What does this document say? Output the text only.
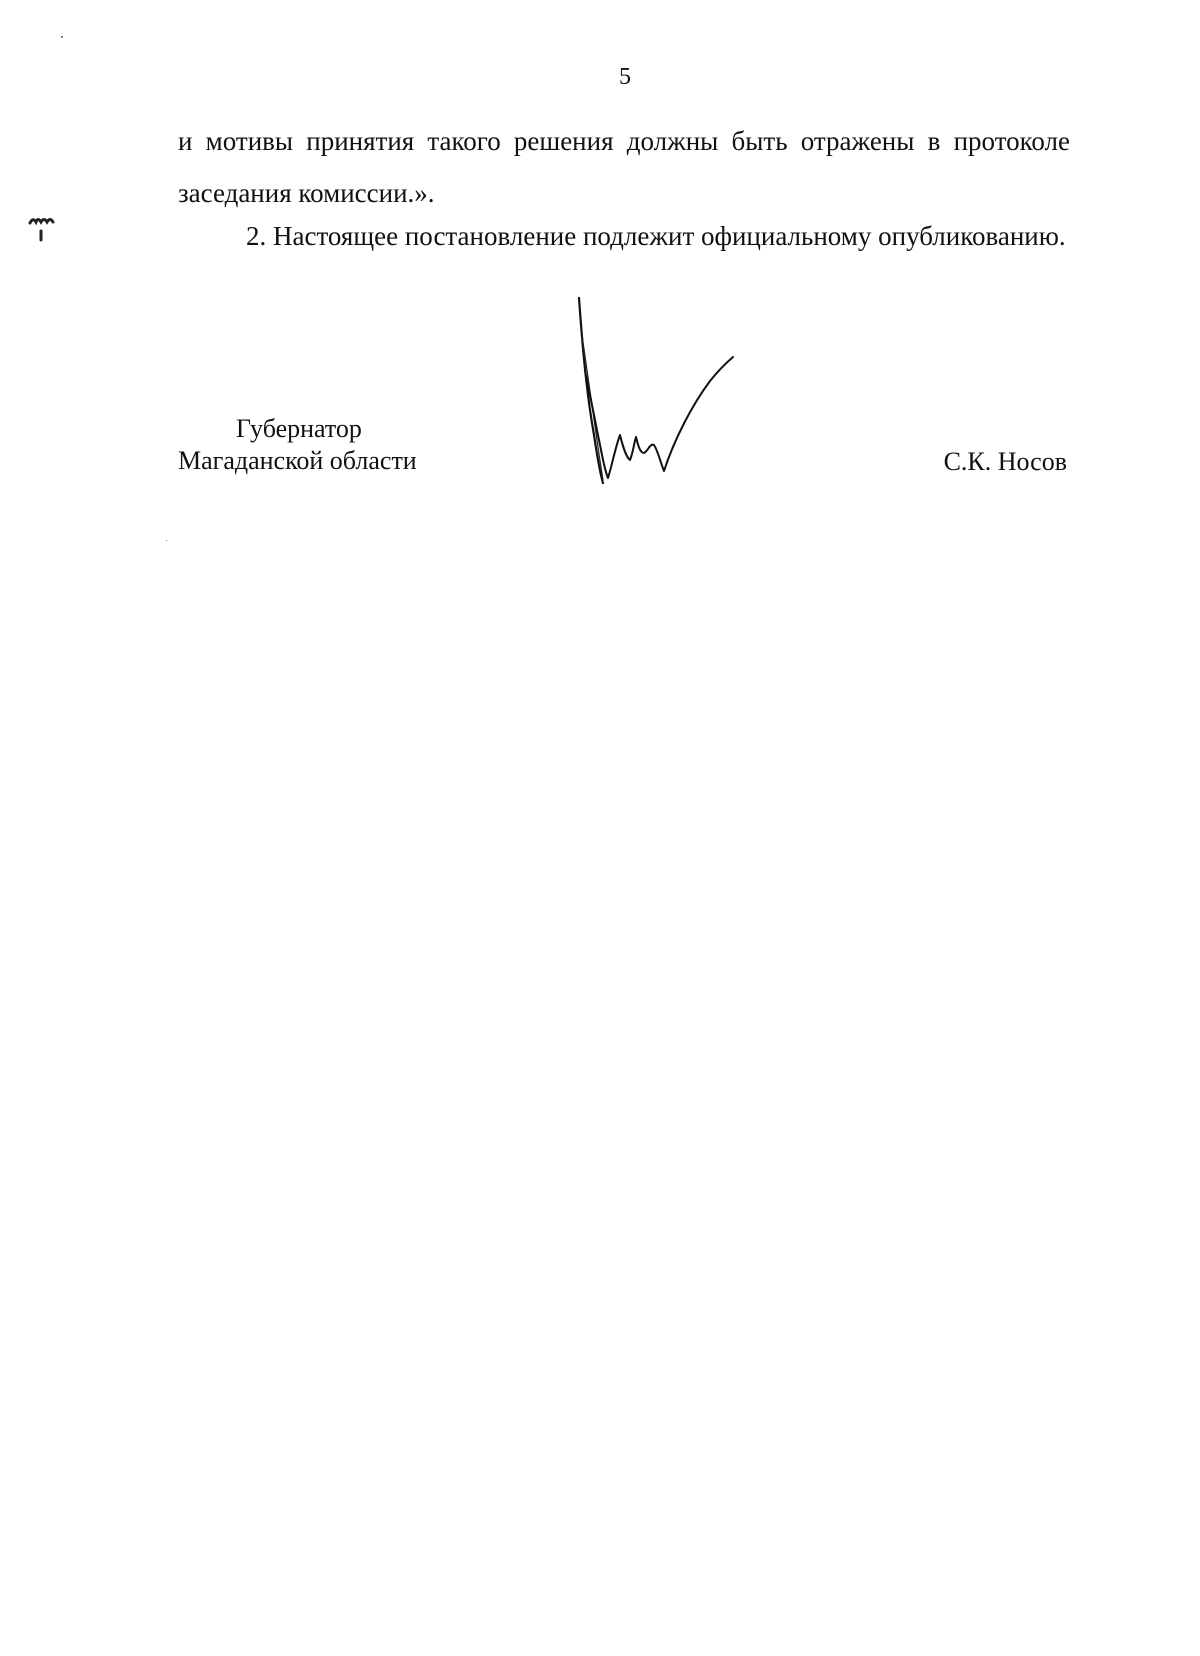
5
и мотивы принятия такого решения должны быть отражены в протоколе заседания комиссии.».
2. Настоящее постановление подлежит официальному опубликованию.
Губернатор
Магаданской области	С.К. Носов
